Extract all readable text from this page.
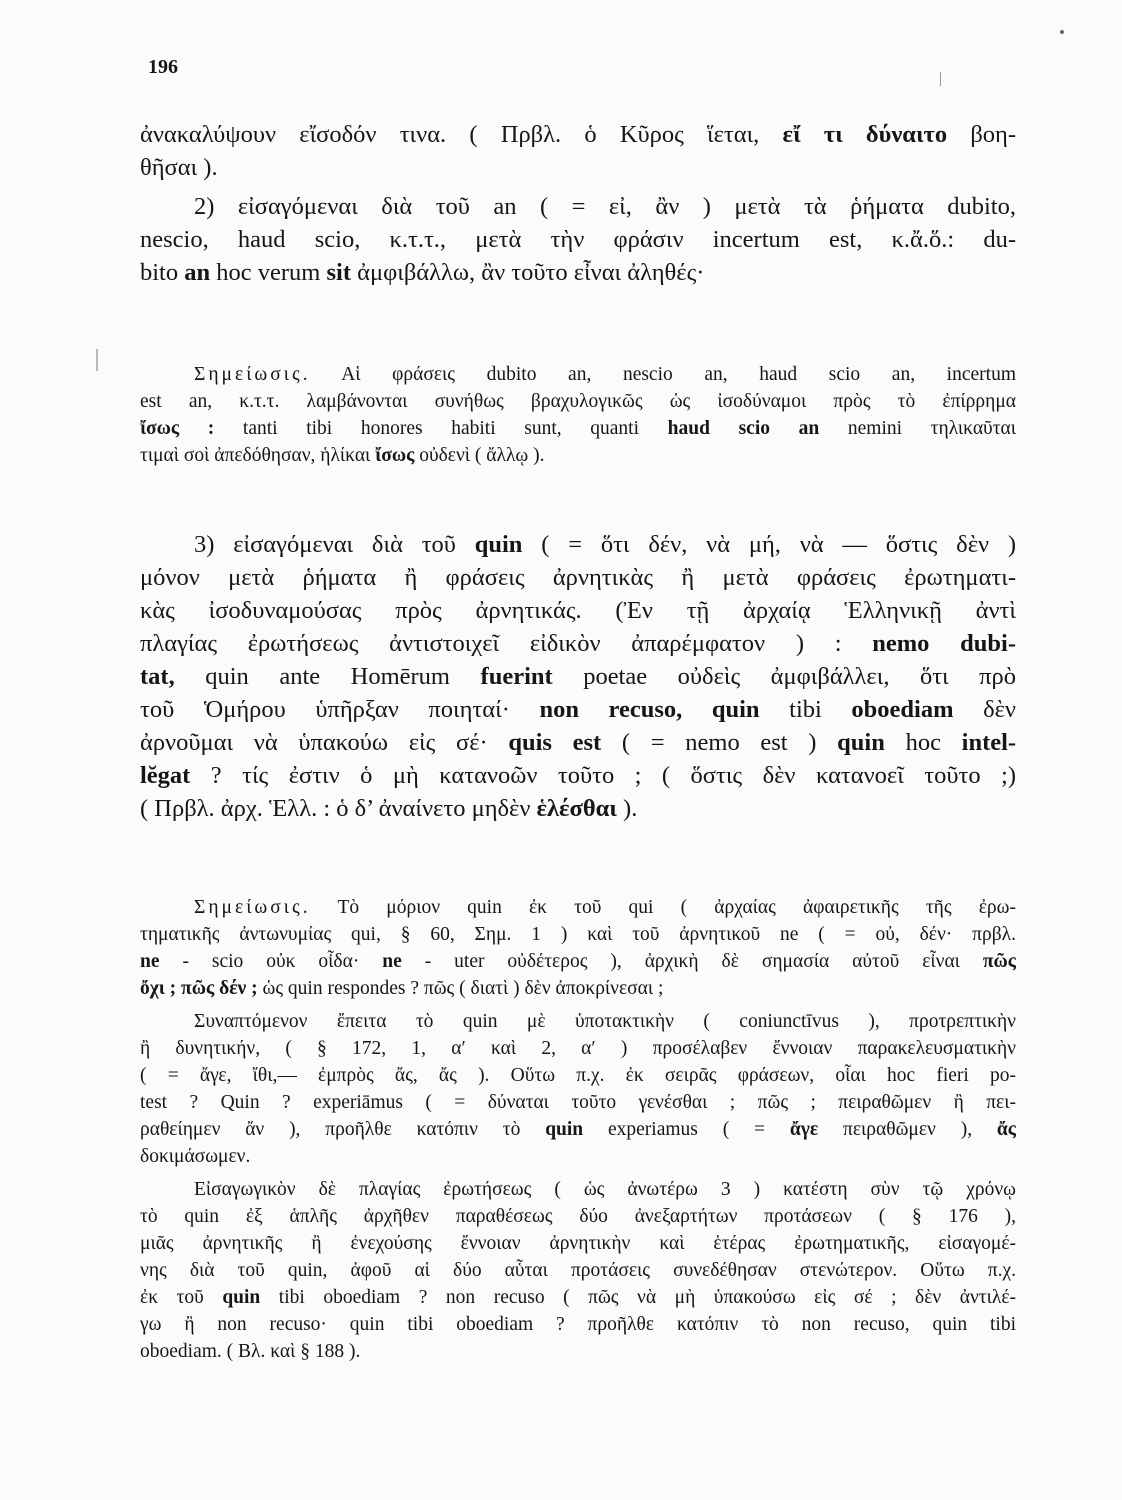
196
ἀνακαλύψουν εἴσοδόν τινα. ( Πρβλ. ὁ Κῦρος ἵεται, εἴ τι δύναιτο βοη-
θῆσαι ).
2) εἰσαγόμεναι διὰ τοῦ an ( = εἰ, ἂν ) μετὰ τὰ ῥήματα dubito,
nescio, haud scio, κ.τ.τ., μετὰ τὴν φράσιν incertum est, κ.ἄ.ὅ.: du-
bito an hoc verum sit ἀμφιβάλλω, ἂν τοῦτο εἶναι ἀληθές·
Σημείωσις. Αἱ φράσεις dubito an, nescio an, haud scio an, incertum
est an, κ.τ.τ. λαμβάνονται συνήθως βραχυλογικῶς ὡς ἰσοδύναμοι πρὸς τὸ ἐπίρρημα
ἴσως : tanti tibi honores habiti sunt, quanti haud scio an nemini τηλικαῦται
τιμαὶ σοὶ ἀπεδόθησαν, ἡλίκαι ἴσως οὐδενὶ ( ἄλλῳ ).
3) εἰσαγόμεναι διὰ τοῦ quin ( = ὅτι δέν, νὰ μή, νὰ — ὅστις δὲν )
μόνον μετὰ ῥήματα ἢ φράσεις ἀρνητικὰς ἢ μετὰ φράσεις ἐρωτηματι-
κὰς ἰσοδυναμούσας πρὸς ἀρνητικάς. (Ἐν τῇ ἀρχαίᾳ Ἑλληνικῇ ἀντὶ
πλαγίας ἐρωτήσεως ἀντιστοιχεῖ εἰδικὸν ἀπαρέμφατον ) : nemo dubi-
tat, quin ante Homērum fuerint poetae οὐδεὶς ἀμφιβάλλει, ὅτι πρὸ
τοῦ Ὁμήρου ὑπῆρξαν ποιηταί· non recuso, quin tibi oboediam δὲν
ἀρνοῦμαι νὰ ὑπακούω εἰς σέ· quis est ( = nemo est ) quin hoc intel-
lĕgat ? τίς ἐστιν ὁ μὴ κατανοῶν τοῦτο ; ( ὅστις δὲν κατανοεῖ τοῦτο ;)
( Πρβλ. ἀρχ. Ἑλλ. : ὁ δ’ ἀναίνετο μηδὲν ἑλέσθαι ).
Σημείωσις. Τὸ μόριον quin ἐκ τοῦ qui ( ἀρχαίας ἀφαιρετικῆς τῆς ἐρω-
τηματικῆς ἀντωνυμίας qui, § 60, Σημ. 1 ) καὶ τοῦ ἀρνητικοῦ ne ( = οὐ, δέν· πρβλ.
ne - scio οὐκ οἶδα· ne - uter οὐδέτερος ), ἀρχικὴ δὲ σημασία αὐτοῦ εἶναι πῶς
ὄχι ; πῶς δέν ; ὡς quin respondes ? πῶς ( διατὶ ) δὲν ἀποκρίνεσαι ;
Συναπτόμενον ἔπειτα τὸ quin μὲ ὑποτακτικὴν ( coniunctīvus ), προτρεπτικὴν
ἢ δυνητικήν, ( § 172, 1, α′ καὶ 2, α′ ) προσέλαβεν ἔννοιαν παρακελευσματικὴν
( = ἄγε, ἴθι,— ἐμπρὸς ἄς, ἄς ). Οὕτω π.χ. ἐκ σειρᾶς φράσεων, οἷαι hoc fieri po-
test ? Quin ? experiāmus ( = δύναται τοῦτο γενέσθαι ; πῶς ; πειραθῶμεν ἢ πει-
ραθείημεν ἄν ), προῆλθε κατόπιν τὸ quin experiamus ( = ἄγε πειραθῶμεν ), ἄς
δοκιμάσωμεν.
Εἰσαγωγικὸν δὲ πλαγίας ἐρωτήσεως ( ὡς ἀνωτέρω 3 ) κατέστη σὺν τῷ χρόνῳ
τὸ quin ἐξ ἁπλῆς ἀρχῆθεν παραθέσεως δύο ἀνεξαρτήτων προτάσεων ( § 176 ),
μιᾶς ἀρνητικῆς ἢ ἐνεχούσης ἔννοιαν ἀρνητικὴν καὶ ἑτέρας ἐρωτηματικῆς, εἰσαγομέ-
νης διὰ τοῦ quin, ἀφοῦ αἱ δύο αὗται προτάσεις συνεδέθησαν στενώτερον. Οὕτω π.χ.
ἐκ τοῦ quin tibi oboediam ? non recuso ( πῶς νὰ μὴ ὑπακούσω εἰς σέ ; δὲν ἀντιλέ-
γω ἢ non recuso· quin tibi oboediam ? προῆλθε κατόπιν τὸ non recuso, quin tibi
oboediam. ( Βλ. καὶ § 188 ).
